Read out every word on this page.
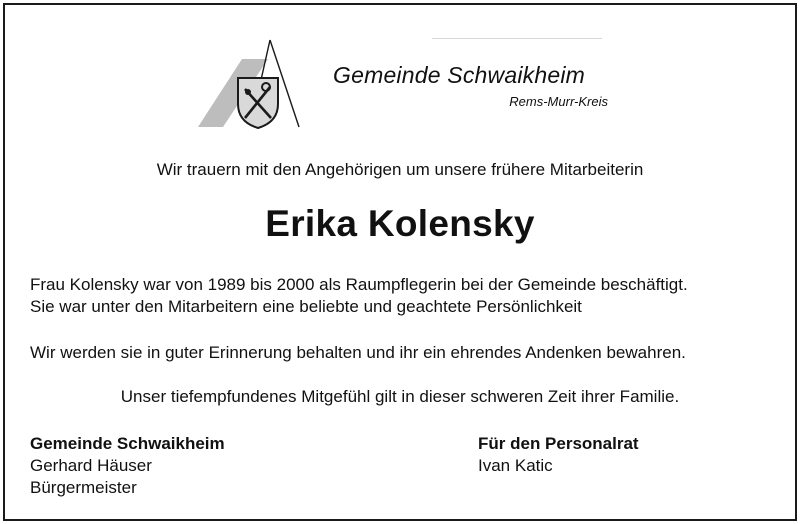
Gemeinde Schwaikheim
Rems-Murr-Kreis
Wir trauern mit den Angehörigen um unsere frühere Mitarbeiterin
Erika Kolensky
Frau Kolensky war von 1989 bis 2000 als Raumpflegerin bei der Gemeinde beschäftigt.
Sie war unter den Mitarbeitern eine beliebte und geachtete Persönlichkeit
Wir werden sie in guter Erinnerung behalten und ihr ein ehrendes Andenken bewahren.
Unser tiefempfundenes Mitgefühl gilt in dieser schweren Zeit ihrer Familie.
Gemeinde Schwaikheim
Gerhard Häuser
Bürgermeister
Für den Personalrat
Ivan Katic
